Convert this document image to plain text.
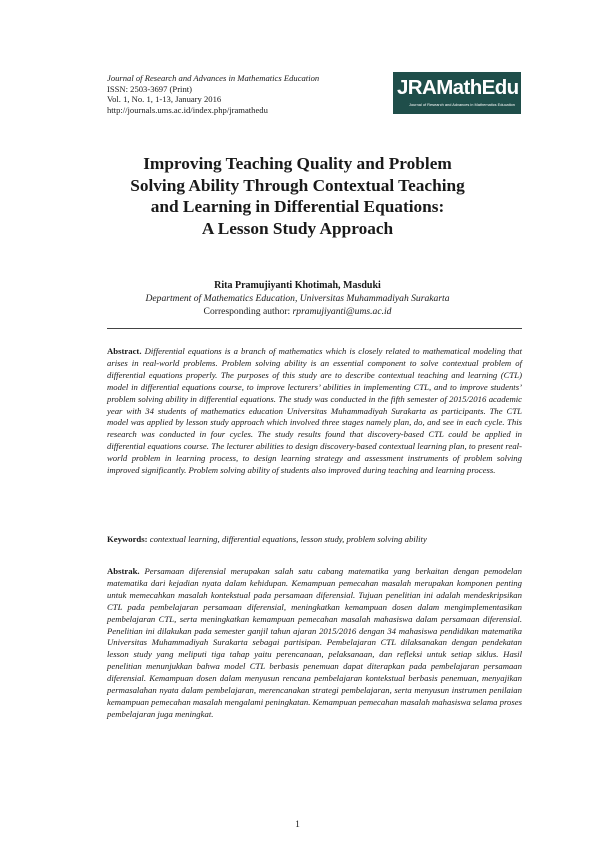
Journal of Research and Advances in Mathematics Education
ISSN: 2503-3697 (Print)
Vol. 1, No. 1, 1-13, January 2016
http://journals.ums.ac.id/index.php/jramathedu
JRAMathEdu
Journal of Research and Advances in Mathematics Education
Improving Teaching Quality and Problem
Solving Ability Through Contextual Teaching
and Learning in Differential Equations:
A Lesson Study Approach
Rita Pramujiyanti Khotimah, Masduki
Department of Mathematics Education, Universitas Muhammadiyah Surakarta
Corresponding author: rpramujiyanti@ums.ac.id
Abstract. Differential equations is a branch of mathematics which is closely related to mathematical modeling that arises in real-world problems. Problem solving ability is an essential component to solve contextual problem of differential equations properly. The purposes of this study are to describe contextual teaching and learning (CTL) model in differential equations course, to improve lecturers’ abilities in implementing CTL, and to improve students’ problem solving ability in differential equations. The study was conducted in the fifth semester of 2015/2016 academic year with 34 students of mathematics education Universitas Muhammadiyah Surakarta as participants. The CTL model was applied by lesson study approach which involved three stages namely plan, do, and see in each cycle. This research was conducted in four cycles. The study results found that discovery-based CTL could be applied in differential equations course. The lecturer abilities to design discovery-based contextual learning plan, to present real-world problem in learning process, to design learning strategy and assessment instruments of problem solving improved significantly. Problem solving ability of students also improved during teaching and learning process.
Keywords: contextual learning, differential equations, lesson study, problem solving ability
Abstrak. Persamaan diferensial merupakan salah satu cabang matematika yang berkaitan dengan pemodelan matematika dari kejadian nyata dalam kehidupan. Kemampuan pemecahan masalah merupakan komponen penting untuk memecahkan masalah kontekstual pada persamaan diferensial. Tujuan penelitian ini adalah mendeskripsikan CTL pada pembelajaran persamaan diferensial, meningkatkan kemampuan dosen dalam mengimplementasikan pembelajaran CTL, serta meningkatkan kemampuan pemecahan masalah mahasiswa dalam persamaan diferensial. Penelitian ini dilakukan pada semester ganjil tahun ajaran 2015/2016 dengan 34 mahasiswa pendidikan matematika Universitas Muhammadiyah Surakarta sebagai partisipan. Pembelajaran CTL dilaksanakan dengan pendekatan lesson study yang meliputi tiga tahap yaitu perencanaan, pelaksanaan, dan refleksi untuk setiap siklus. Hasil penelitian menunjukkan bahwa model CTL berbasis penemuan dapat diterapkan pada pembelajaran persamaan diferensial. Kemampuan dosen dalam menyusun rencana pembelajaran kontekstual berbasis penemuan, menyajikan permasalahan nyata dalam pembelajaran, merencanakan strategi pembelajaran, serta menyusun instrumen penilaian kemampuan pemecahan masalah mengalami peningkatan. Kemampuan pemecahan masalah mahasiswa selama proses pembelajaran juga meningkat.
1
